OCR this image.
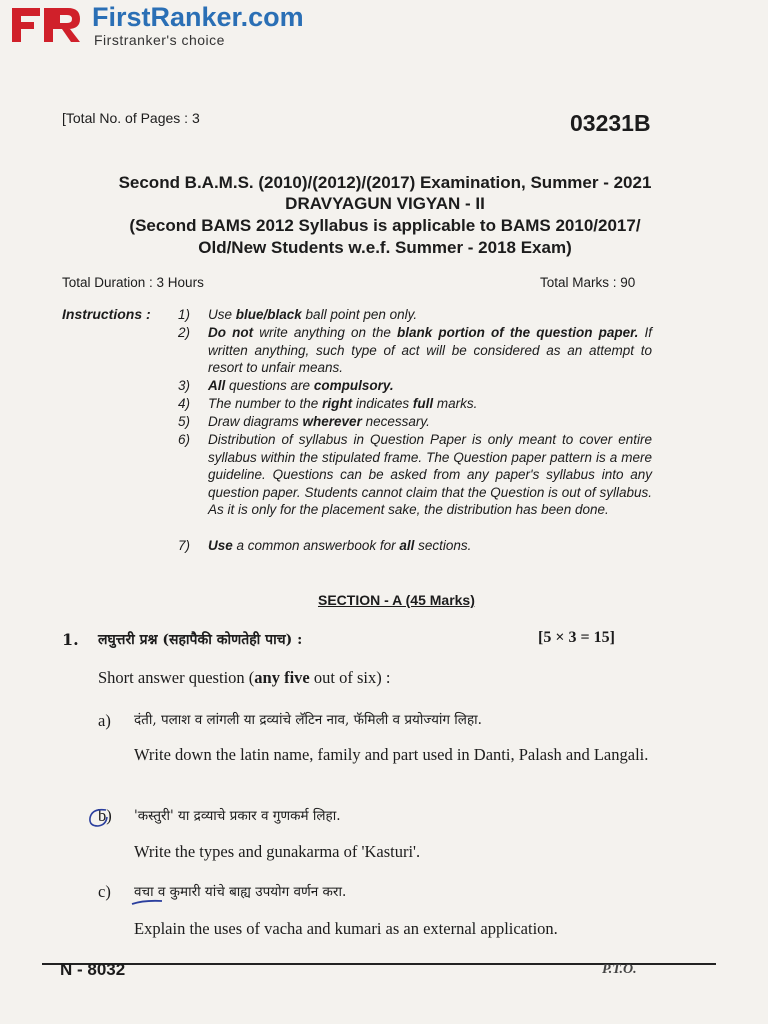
FirstRanker.com
Firstranker's choice
[Total No. of Pages : 3	03231B
Second B.A.M.S. (2010)/(2012)/(2017) Examination, Summer - 2021
DRAVYAGUN VIGYAN - II
(Second BAMS 2012 Syllabus is applicable to BAMS 2010/2017/
Old/New Students w.e.f. Summer - 2018 Exam)
Total Duration : 3 Hours	Total Marks : 90
Instructions :	1) Use blue/black ball point pen only.
2) Do not write anything on the blank portion of the question paper. If written anything, such type of act will be considered as an attempt to resort to unfair means.
3) All questions are compulsory.
4) The number to the right indicates full marks.
5) Draw diagrams wherever necessary.
6) Distribution of syllabus in Question Paper is only meant to cover entire syllabus within the stipulated frame. The Question paper pattern is a mere guideline. Questions can be asked from any paper's syllabus into any question paper. Students cannot claim that the Question is out of syllabus. As it is only for the placement sake, the distribution has been done.
7) Use a common answerbook for all sections.
SECTION - A (45 Marks)
1. लघुत्तरी प्रश्न (सहापैकी कोणतेही पाच) :	[5 × 3 = 15]
Short answer question (any five out of six) :
a) दंती, पलाश व लांगली या द्रव्यांचे लॅटिन नाव, फॅमिली व प्रयोज्यांग लिहा.
Write down the latin name, family and part used in Danti, Palash and Langali.
b) 'कस्तुरी' या द्रव्याचे प्रकार व गुणकर्म लिहा.
Write the types and gunakarma of 'Kasturi'.
c) वचा व कुमारी यांचे बाह्य उपयोग वर्णन करा.
Explain the uses of vacha and kumari as an external application.
N - 8032	P.T.O.
